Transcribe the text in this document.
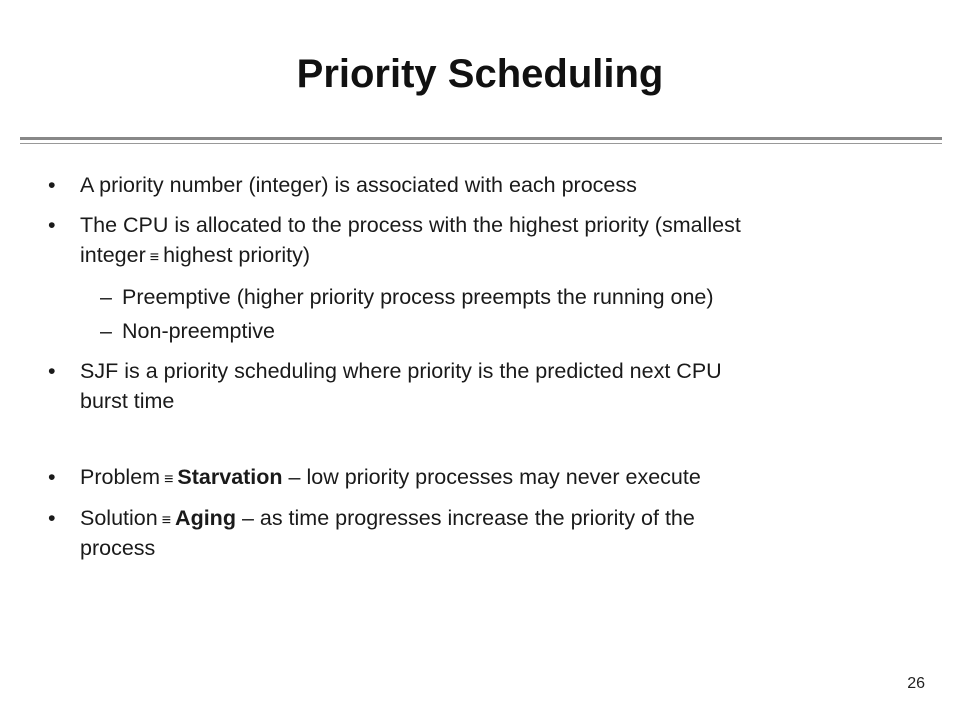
Priority Scheduling
• A priority number (integer) is associated with each process
• The CPU is allocated to the process with the highest priority (smallest
integer ≡ highest priority)
– Preemptive (higher priority process preempts the running one)
– Non-preemptive
• SJF is a priority scheduling where priority is the predicted next CPU
burst time
• Problem ≡ Starvation – low priority processes may never execute
• Solution ≡ Aging – as time progresses increase the priority of the
process
26
